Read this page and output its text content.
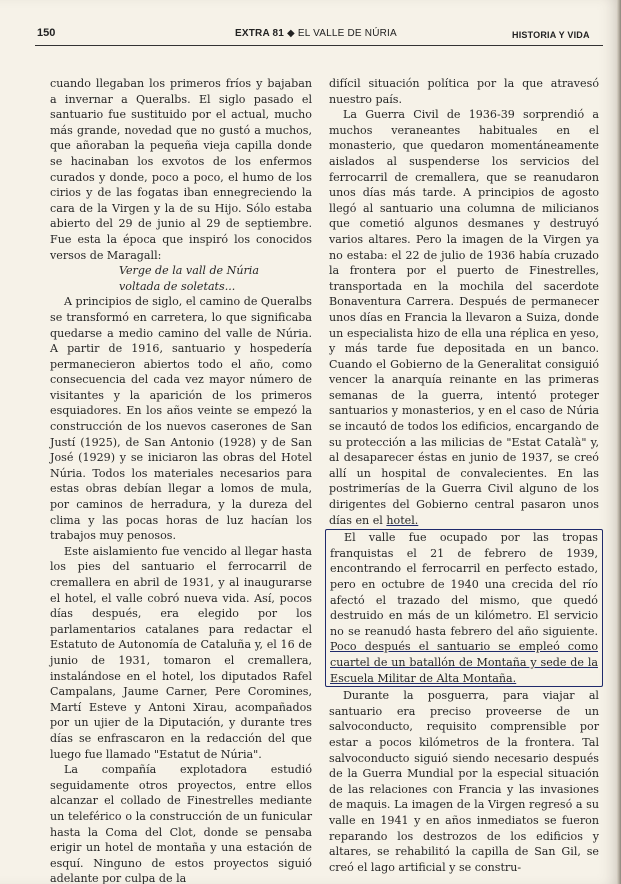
150	EXTRA 81 ◆ EL VALLE DE NÚRIA	HISTORIA Y VIDA

cuando llegaban los primeros fríos y bajaban a invernar a Queralbs. El siglo pasado el santuario fue sustituido por el actual, mucho más grande, novedad que no gustó a muchos, que añoraban la pequeña vieja capilla donde se hacinaban los exvotos de los enfermos curados y donde, poco a poco, el humo de los cirios y de las fogatas iban ennegreciendo la cara de la Virgen y la de su Hijo. Sólo estaba abierto del 29 de junio al 29 de septiembre. Fue esta la época que inspiró los conocidos versos de Maragall:

Verge de la vall de Núria

voltada de soletats...

A principios de siglo, el camino de Queralbs se transformó en carretera, lo que significaba quedarse a medio camino del valle de Núria. A partir de 1916, santuario y hospedería permanecieron abiertos todo el año, como consecuencia del cada vez mayor número de visitantes y la aparición de los primeros esquiadores. En los años veinte se empezó la construcción de los nuevos caserones de San Justí (1925), de San Antonio (1928) y de San José (1929) y se iniciaron las obras del Hotel Núria. Todos los materiales necesarios para estas obras debían llegar a lomos de mula, por caminos de herradura, y la dureza del clima y las pocas horas de luz hacían los trabajos muy penosos.

Este aislamiento fue vencido al llegar hasta los pies del santuario el ferrocarril de cremallera en abril de 1931, y al inaugurarse el hotel, el valle cobró nueva vida. Así, pocos días después, era elegido por los parlamentarios catalanes para redactar el Estatuto de Autonomía de Cataluña y, el 16 de junio de 1931, tomaron el cremallera, instalándose en el hotel, los diputados Rafel Campalans, Jaume Carner, Pere Coromines, Martí Esteve y Antoni Xirau, acompañados por un ujier de la Diputación, y durante tres días se enfrascaron en la redacción del que luego fue llamado "Estatut de Núria".

La compañía explotadora estudió seguidamente otros proyectos, entre ellos alcanzar el collado de Finestrelles mediante un teleférico o la construcción de un funicular hasta la Coma del Clot, donde se pensaba erigir un hotel de montaña y una estación de esquí. Ninguno de estos proyectos siguió adelante por culpa de la

difícil situación política por la que atravesó nuestro país.

La Guerra Civil de 1936-39 sorprendió a muchos veraneantes habituales en el monasterio, que quedaron momentáneamente aislados al suspenderse los servicios del ferrocarril de cremallera, que se reanudaron unos días más tarde. A principios de agosto llegó al santuario una columna de milicianos que cometió algunos desmanes y destruyó varios altares. Pero la imagen de la Virgen ya no estaba: el 22 de julio de 1936 había cruzado la frontera por el puerto de Finestrelles, transportada en la mochila del sacerdote Bonaventura Carrera. Después de permanecer unos días en Francia la llevaron a Suiza, donde un especialista hizo de ella una réplica en yeso, y más tarde fue depositada en un banco. Cuando el Gobierno de la Generalitat consiguió vencer la anarquía reinante en las primeras semanas de la guerra, intentó proteger santuarios y monasterios, y en el caso de Núria se incautó de todos los edificios, encargando de su protección a las milicias de "Estat Català" y, al desaparecer éstas en junio de 1937, se creó allí un hospital de convalecientes. En las postrimerías de la Guerra Civil alguno de los dirigentes del Gobierno central pasaron unos días en el hotel.

El valle fue ocupado por las tropas franquistas el 21 de febrero de 1939, encontrando el ferrocarril en perfecto estado, pero en octubre de 1940 una crecida del río afectó el trazado del mismo, que quedó destruido en más de un kilómetro. El servicio no se reanudó hasta febrero del año siguiente. Poco después el santuario se empleó como cuartel de un batallón de Montaña y sede de la Escuela Militar de Alta Montaña.

Durante la posguerra, para viajar al santuario era preciso proveerse de un salvoconducto, requisito comprensible por estar a pocos kilómetros de la frontera. Tal salvoconducto siguió siendo necesario después de la Guerra Mundial por la especial situación de las relaciones con Francia y las invasiones de maquis. La imagen de la Virgen regresó a su valle en 1941 y en años inmediatos se fueron reparando los destrozos de los edificios y altares, se rehabilitó la capilla de San Gil, se creó el lago artificial y se constru-
